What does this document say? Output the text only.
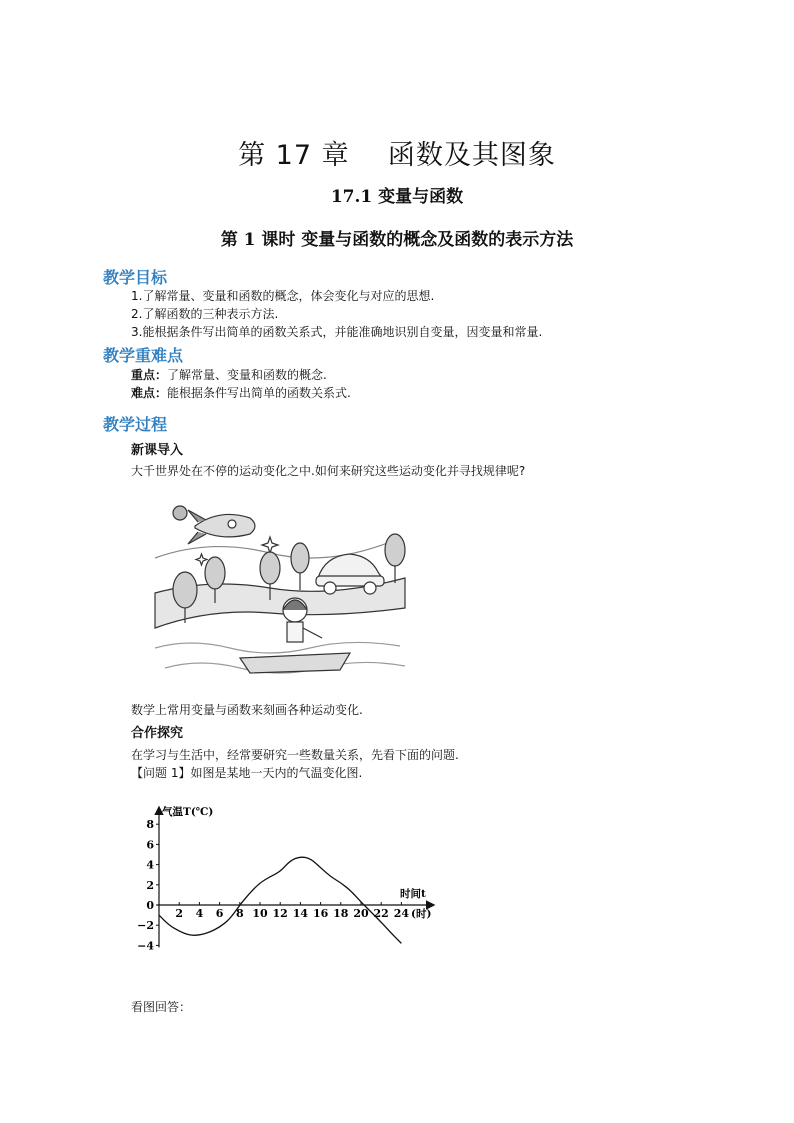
第 17 章    函数及其图象
17.1 变量与函数
第 1 课时 变量与函数的概念及函数的表示方法
教学目标
1.了解常量、变量和函数的概念，体会变化与对应的思想.
2.了解函数的三种表示方法.
3.能根据条件写出简单的函数关系式，并能准确地识别自变量，因变量和常量.
教学重难点
重点：了解常量、变量和函数的概念.
难点：能根据条件写出简单的函数关系式.
教学过程
新课导入
大千世界处在不停的运动变化之中.如何来研究这些运动变化并寻找规律呢?
数学上常用变量与函数来刻画各种运动变化.
合作探究
在学习与生活中，经常要研究一些数量关系，先看下面的问题.
【问题 1】如图是某地一天内的气温变化图.
8
6
4
2
0
−2
−4
2 4 6 8 10 12 14 16 18 20 22 24
气温T(℃)
时间t
(时)
看图回答：
